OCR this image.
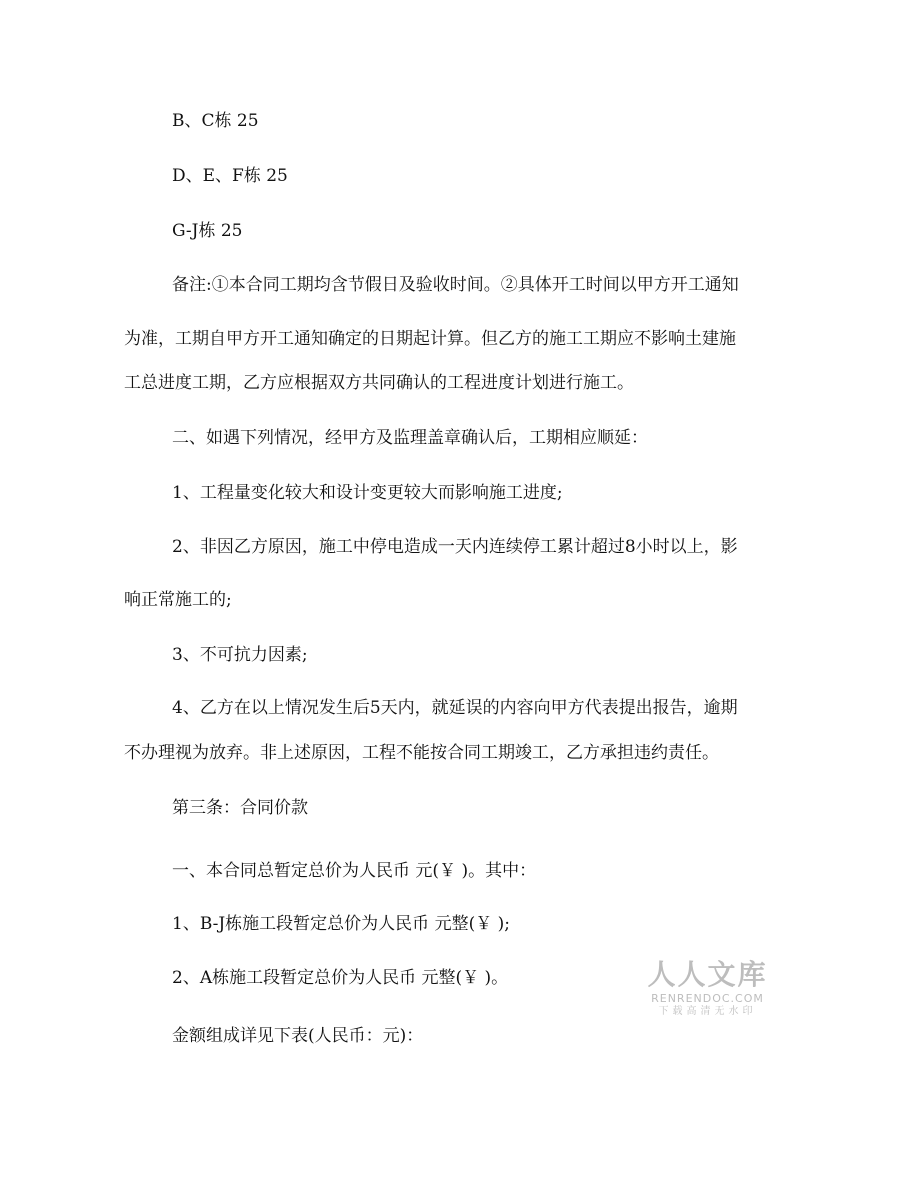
B、C栋 25
D、E、F栋 25
G-J栋 25
备注:①本合同工期均含节假日及验收时间。②具体开工时间以甲方开工通知
为准，工期自甲方开工通知确定的日期起计算。但乙方的施工工期应不影响土建施
工总进度工期，乙方应根据双方共同确认的工程进度计划进行施工。
二、如遇下列情况，经甲方及监理盖章确认后，工期相应顺延：
1、工程量变化较大和设计变更较大而影响施工进度;
2、非因乙方原因，施工中停电造成一天内连续停工累计超过8小时以上，影
响正常施工的;
3、不可抗力因素;
4、乙方在以上情况发生后5天内，就延误的内容向甲方代表提出报告，逾期
不办理视为放弃。非上述原因，工程不能按合同工期竣工，乙方承担违约责任。
第三条：合同价款
一、本合同总暂定总价为人民币 元(￥ )。其中：
1、B-J栋施工段暂定总价为人民币 元整(￥ );
2、A栋施工段暂定总价为人民币 元整(￥ )。
金额组成详见下表(人民币：元)：
人人文库
RENRENDOC.COM
下载高清无水印
